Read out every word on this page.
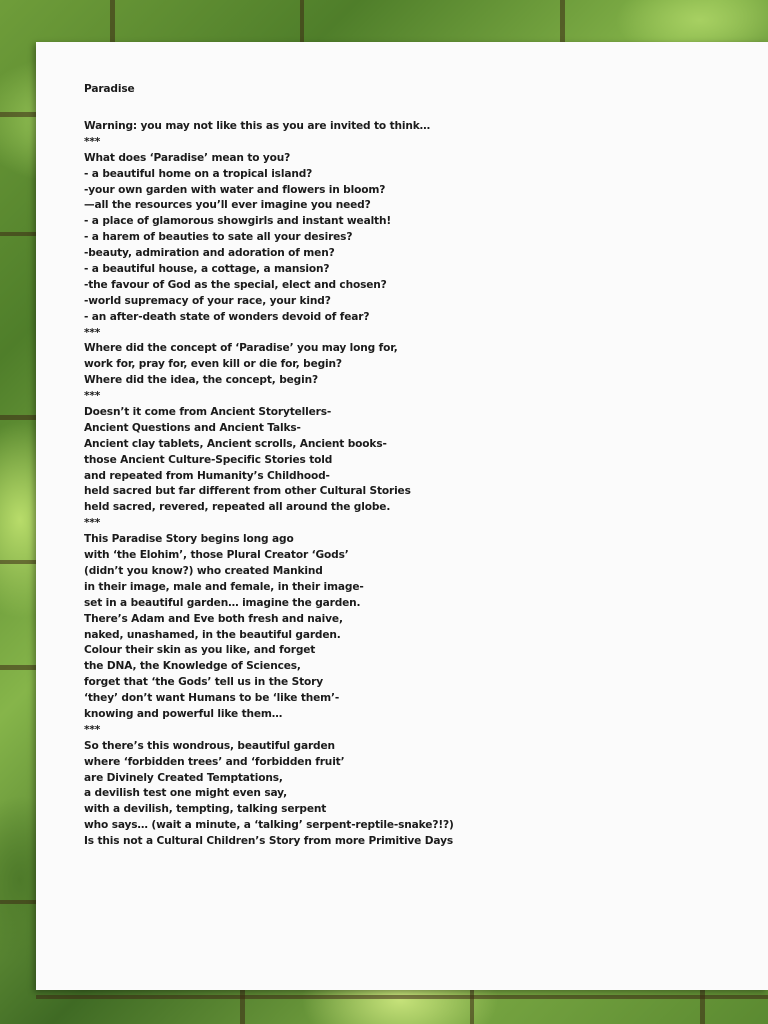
Paradise
Warning: you may not like this as you are invited to think…
***
What does ‘Paradise’ mean to you?
- a beautiful home on a tropical island?
-your own garden with water and flowers in bloom?
—all the resources you’ll ever imagine you need?
- a place of glamorous showgirls and instant wealth!
- a harem of beauties to sate all your desires?
-beauty, admiration and adoration of men?
- a beautiful house, a cottage, a mansion?
-the favour of God as the special, elect and chosen?
-world supremacy of your race, your kind?
- an after-death state of wonders devoid of fear?
***
Where did the concept of ‘Paradise’ you may long for,
work for, pray for, even kill or die for, begin?
Where did the idea, the concept, begin?
***
Doesn’t it come from Ancient Storytellers-
Ancient Questions and Ancient Talks-
Ancient clay tablets, Ancient scrolls, Ancient books-
those Ancient Culture-Specific Stories told
and repeated from Humanity’s Childhood-
held sacred but far different from other Cultural Stories
held sacred, revered, repeated all around the globe.
***
This Paradise Story begins long ago
with ‘the Elohim’, those Plural Creator ‘Gods’
(didn’t you know?) who created Mankind
in their image, male and female, in their image-
set in a beautiful garden… imagine the garden.
There’s Adam and Eve both fresh and naive,
naked, unashamed, in the beautiful garden.
Colour their skin as you like, and forget
the DNA, the Knowledge of Sciences,
forget that ‘the Gods’ tell us in the Story
‘they’ don’t want Humans to be ‘like them’-
knowing and powerful like them…
***
So there’s this wondrous, beautiful garden
where ‘forbidden trees’ and ‘forbidden fruit’
are Divinely Created Temptations,
a devilish test one might even say,
with a devilish, tempting, talking serpent
who says… (wait a minute, a ‘talking’ serpent-reptile-snake?!?)
Is this not a Cultural Children’s Story from more Primitive Days
